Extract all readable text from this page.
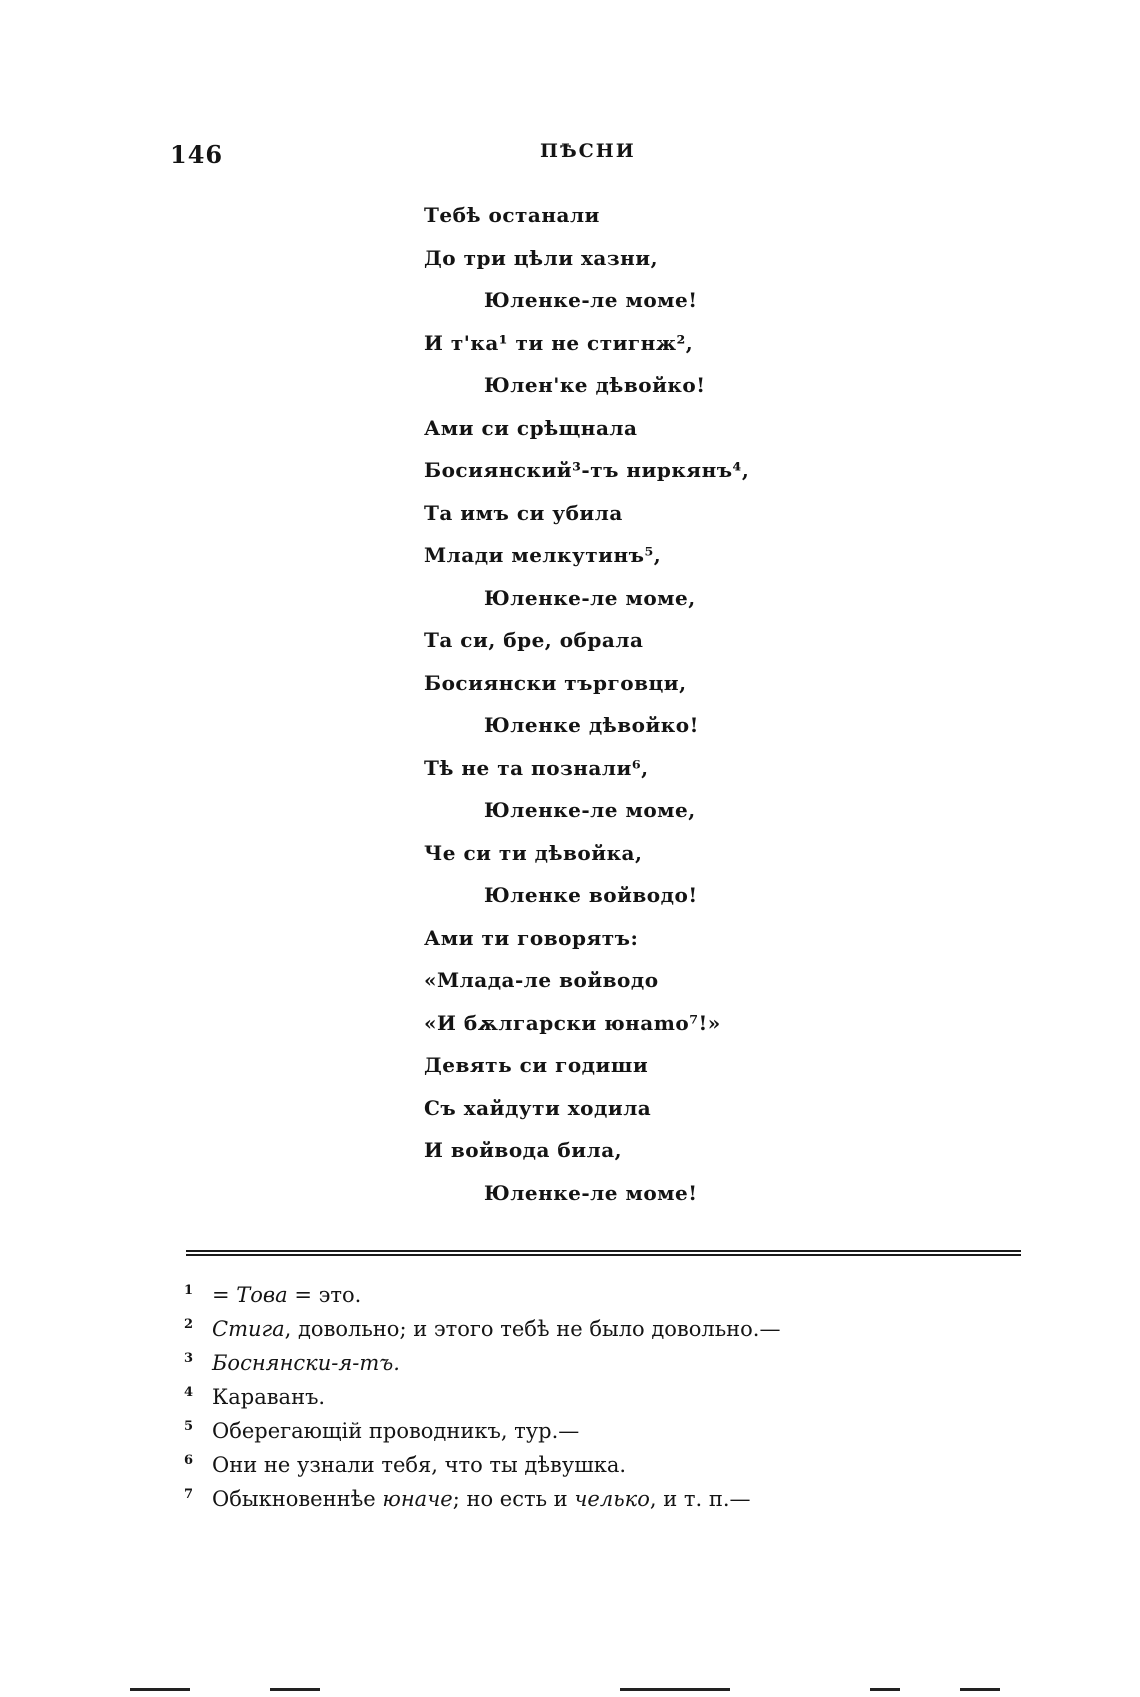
146	ПѢСНИ
Тебѣ останали
До три цѣли хазни,
Юленке-ле моме!
И т'ка¹ ти не стигнж²,
Юлен'ке дѣвойко!
Ами си срѣщнала
Босиянский³-тъ ниркянъ⁴,
Та имъ си убила
Млади мелкутинъ⁵,
Юленке-ле моме,
Та си, бре, обрала
Босиянски търговци,
Юленке дѣвойко!
Тѣ не та познали⁶,
Юленке-ле моме,
Че си ти дѣвойка,
Юленке войводо!
Ами ти говорятъ:
«Млада-ле войводо
«И бѫлгарски юнаmo⁷!»
Девять си годиши
Съ хайдути ходила
И войвода била,
Юленке-ле моме!
1 = Това = это.
2 Стига, довольно; и этого тебѣ не было довольно.—
3 Боснянски-я-тъ.
4 Караванъ.
5 Оберегающій проводникъ, тур.—
6 Они не узнали тебя, что ты дѣвушка.
7 Обыкновеннѣе юначе; но есть и челько, и т. п.—
